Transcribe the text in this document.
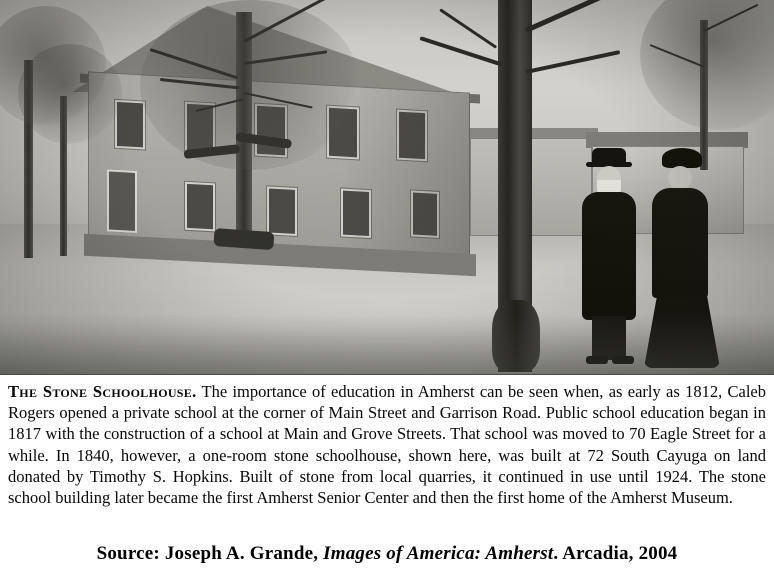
The Stone Schoolhouse. The importance of education in Amherst can be seen when, as early as 1812, Caleb Rogers opened a private school at the corner of Main Street and Garrison Road. Public school education began in 1817 with the construction of a school at Main and Grove Streets. That school was moved to 70 Eagle Street for a while. In 1840, however, a one-room stone schoolhouse, shown here, was built at 72 South Cayuga on land donated by Timothy S. Hopkins. Built of stone from local quarries, it continued in use until 1924. The stone school building later became the first Amherst Senior Center and then the first home of the Amherst Museum.
Source: Joseph A. Grande, Images of America: Amherst. Arcadia, 2004
